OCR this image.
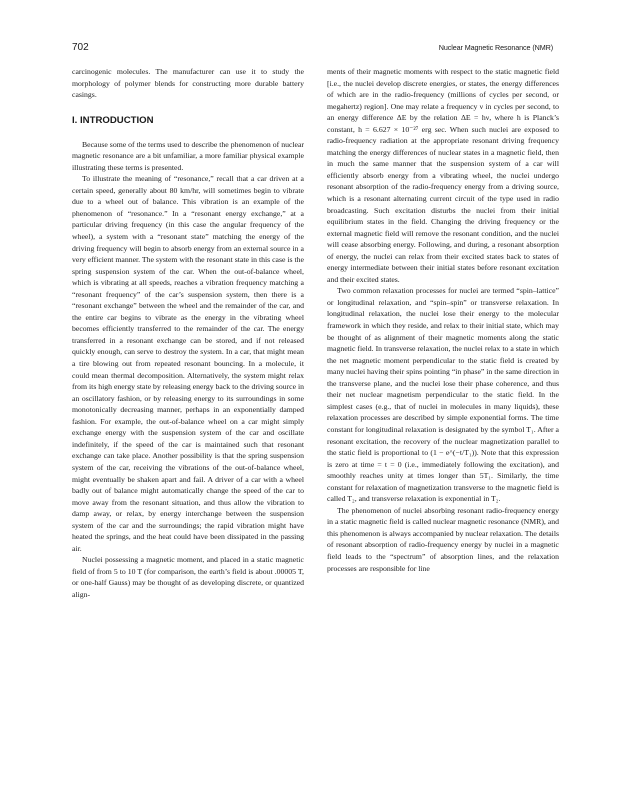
702	Nuclear Magnetic Resonance (NMR)

carcinogenic molecules. The manufacturer can use it to study the morphology of polymer blends for constructing more durable battery casings.

I. INTRODUCTION

Because some of the terms used to describe the phenomenon of nuclear magnetic resonance are a bit unfamiliar, a more familiar physical example illustrating these terms is presented.

To illustrate the meaning of “resonance,” recall that a car driven at a certain speed, generally about 80 km/hr, will sometimes begin to vibrate due to a wheel out of balance. This vibration is an example of the phenomenon of “resonance.” In a “resonant energy exchange,” at a particular driving frequency (in this case the angular frequency of the wheel), a system with a “resonant state” matching the energy of the driving frequency will begin to absorb energy from an external source in a very efficient manner. The system with the resonant state in this case is the spring suspension system of the car. When the out-of-balance wheel, which is vibrating at all speeds, reaches a vibration frequency matching a “resonant frequency” of the car’s suspension system, then there is a “resonant exchange” between the wheel and the remainder of the car, and the entire car begins to vibrate as the energy in the vibrating wheel becomes efficiently transferred to the remainder of the car. The energy transferred in a resonant exchange can be stored, and if not released quickly enough, can serve to destroy the system. In a car, that might mean a tire blowing out from repeated resonant bouncing. In a molecule, it could mean thermal decomposition. Alternatively, the system might relax from its high energy state by releasing energy back to the driving source in an oscillatory fashion, or by releasing energy to its surroundings in some monotonically decreasing manner, perhaps in an exponentially damped fashion. For example, the out-of-balance wheel on a car might simply exchange energy with the suspension system of the car and oscillate indefinitely, if the speed of the car is maintained such that resonant exchange can take place. Another possibility is that the spring suspension system of the car, receiving the vibrations of the out-of-balance wheel, might eventually be shaken apart and fail. A driver of a car with a wheel badly out of balance might automatically change the speed of the car to move away from the resonant situation, and thus allow the vibration to damp away, or relax, by energy interchange between the suspension system of the car and the surroundings; the rapid vibration might have heated the springs, and the heat could have been dissipated in the passing air.

Nuclei possessing a magnetic moment, and placed in a static magnetic field of from 5 to 10 T (for comparison, the earth’s field is about .00005 T, or one-half Gauss) may be thought of as developing discrete, or quantized align-

ments of their magnetic moments with respect to the static magnetic field [i.e., the nuclei develop discrete energies, or states, the energy differences of which are in the radio-frequency (millions of cycles per second, or megahertz) region]. One may relate a frequency ν in cycles per second, to an energy difference ΔE by the relation ΔE = hν, where h is Planck’s constant, h = 6.627 × 10⁻²⁷ erg sec. When such nuclei are exposed to radio-frequency radiation at the appropriate resonant driving frequency matching the energy differences of nuclear states in a magnetic field, then in much the same manner that the suspension system of a car will efficiently absorb energy from a vibrating wheel, the nuclei undergo resonant absorption of the radio-frequency energy from a driving source, which is a resonant alternating current circuit of the type used in radio broadcasting. Such excitation disturbs the nuclei from their initial equilibrium states in the field. Changing the driving frequency or the external magnetic field will remove the resonant condition, and the nuclei will cease absorbing energy. Following, and during, a resonant absorption of energy, the nuclei can relax from their excited states back to states of energy intermediate between their initial states before resonant excitation and their excited states.

Two common relaxation processes for nuclei are termed “spin–lattice” or longitudinal relaxation, and “spin–spin” or transverse relaxation. In longitudinal relaxation, the nuclei lose their energy to the molecular framework in which they reside, and relax to their initial state, which may be thought of as alignment of their magnetic moments along the static magnetic field. In transverse relaxation, the nuclei relax to a state in which the net magnetic moment perpendicular to the static field is created by many nuclei having their spins pointing “in phase” in the same direction in the transverse plane, and the nuclei lose their phase coherence, and thus their net nuclear magnetism perpendicular to the static field. In the simplest cases (e.g., that of nuclei in molecules in many liquids), these relaxation processes are described by simple exponential forms. The time constant for longitudinal relaxation is designated by the symbol T₁. After a resonant excitation, the recovery of the nuclear magnetization parallel to the static field is proportional to (1 − e^(−t/T₁)). Note that this expression is zero at time = t = 0 (i.e., immediately following the excitation), and smoothly reaches unity at times longer than 5T₁. Similarly, the time constant for relaxation of magnetization transverse to the magnetic field is called T₂, and transverse relaxation is exponential in T₂.

The phenomenon of nuclei absorbing resonant radio-frequency energy in a static magnetic field is called nuclear magnetic resonance (NMR), and this phenomenon is always accompanied by nuclear relaxation. The details of resonant absorption of radio-frequency energy by nuclei in a magnetic field leads to the “spectrum” of absorption lines, and the relaxation processes are responsible for line
